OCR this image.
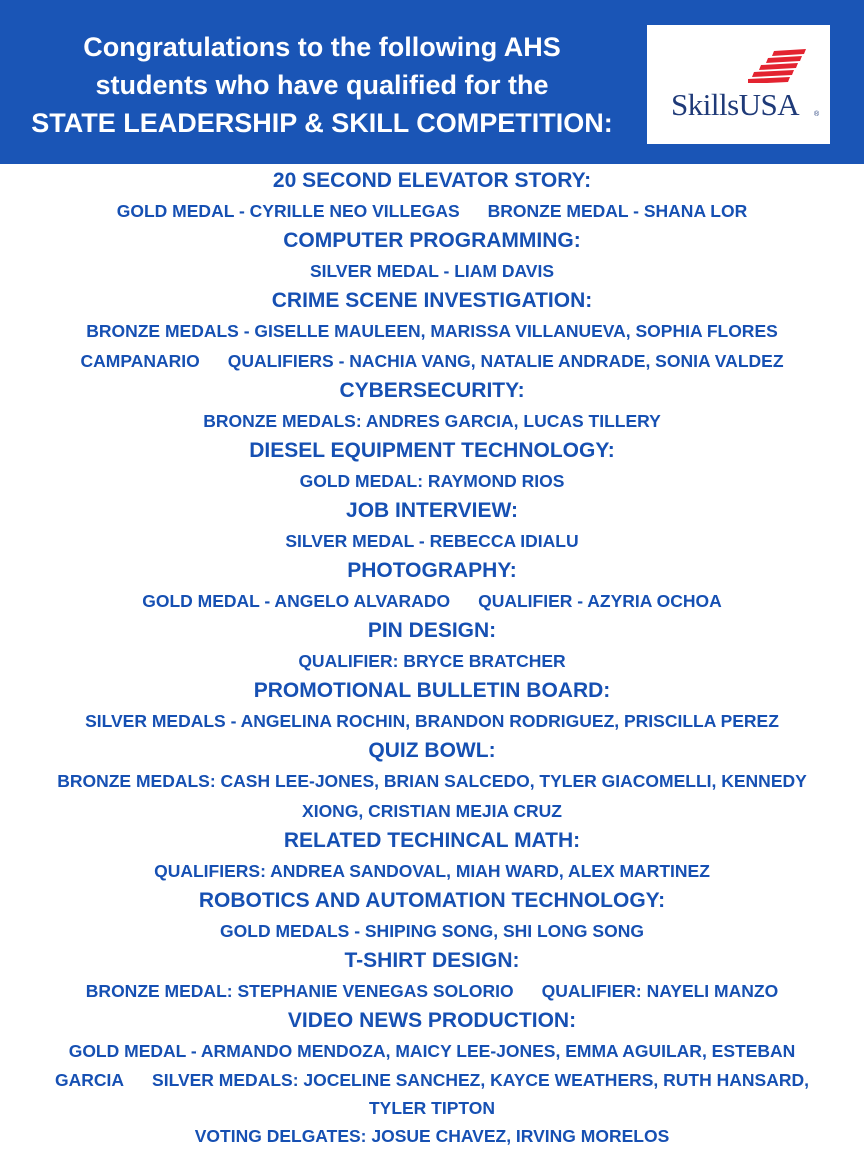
Congratulations to the following AHS
students who have qualified for the
STATE LEADERSHIP & SKILL COMPETITION:
SkillsUSA ®
20 SECOND ELEVATOR STORY:
GOLD MEDAL - CYRILLE NEO VILLEGAS BRONZE MEDAL - SHANA LOR
COMPUTER PROGRAMMING:
SILVER MEDAL - LIAM DAVIS
CRIME SCENE INVESTIGATION:
BRONZE MEDALS - GISELLE MAULEEN, MARISSA VILLANUEVA, SOPHIA FLORES
CAMPANARIO QUALIFIERS - NACHIA VANG, NATALIE ANDRADE, SONIA VALDEZ
CYBERSECURITY:
BRONZE MEDALS: ANDRES GARCIA, LUCAS TILLERY
DIESEL EQUIPMENT TECHNOLOGY:
GOLD MEDAL: RAYMOND RIOS
JOB INTERVIEW:
SILVER MEDAL - REBECCA IDIALU
PHOTOGRAPHY:
GOLD MEDAL - ANGELO ALVARADO QUALIFIER - AZYRIA OCHOA
PIN DESIGN:
QUALIFIER: BRYCE BRATCHER
PROMOTIONAL BULLETIN BOARD:
SILVER MEDALS - ANGELINA ROCHIN, BRANDON RODRIGUEZ, PRISCILLA PEREZ
QUIZ BOWL:
BRONZE MEDALS: CASH LEE-JONES, BRIAN SALCEDO, TYLER GIACOMELLI, KENNEDY
XIONG, CRISTIAN MEJIA CRUZ
RELATED TECHINCAL MATH:
QUALIFIERS: ANDREA SANDOVAL, MIAH WARD, ALEX MARTINEZ
ROBOTICS AND AUTOMATION TECHNOLOGY:
GOLD MEDALS - SHIPING SONG, SHI LONG SONG
T-SHIRT DESIGN:
BRONZE MEDAL: STEPHANIE VENEGAS SOLORIO QUALIFIER: NAYELI MANZO
VIDEO NEWS PRODUCTION:
GOLD MEDAL - ARMANDO MENDOZA, MAICY LEE-JONES, EMMA AGUILAR, ESTEBAN
GARCIA SILVER MEDALS: JOCELINE SANCHEZ, KAYCE WEATHERS, RUTH HANSARD,
TYLER TIPTON
VOTING DELGATES: JOSUE CHAVEZ, IRVING MORELOS
